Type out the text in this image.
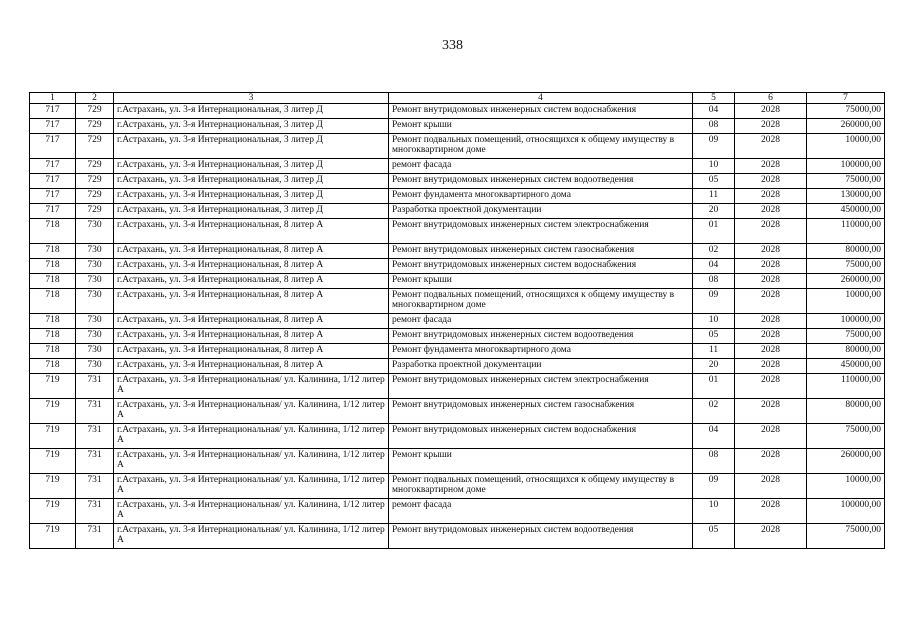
338
1	2	3	4	5	6	7
717	729	г.Астрахань, ул. 3-я Интернациональная, 3 литер Д	Ремонт внутридомовых инженерных систем водоснабжения	04	2028	75000,00
717	729	г.Астрахань, ул. 3-я Интернациональная, 3 литер Д	Ремонт крыши	08	2028	260000,00
717	729	г.Астрахань, ул. 3-я Интернациональная, 3 литер Д	Ремонт подвальных помещений, относящихся к общему имуществу в многоквартирном доме	09	2028	10000,00
717	729	г.Астрахань, ул. 3-я Интернациональная, 3 литер Д	ремонт фасада	10	2028	100000,00
717	729	г.Астрахань, ул. 3-я Интернациональная, 3 литер Д	Ремонт внутридомовых инженерных систем водоотведения	05	2028	75000,00
717	729	г.Астрахань, ул. 3-я Интернациональная, 3 литер Д	Ремонт фундамента многоквартирного дома	11	2028	130000,00
717	729	г.Астрахань, ул. 3-я Интернациональная, 3 литер Д	Разработка проектной документации	20	2028	450000,00
718	730	г.Астрахань, ул. 3-я Интернациональная, 8 литер А	Ремонт внутридомовых инженерных систем электроснабжения	01	2028	110000,00
718	730	г.Астрахань, ул. 3-я Интернациональная, 8 литер А	Ремонт внутридомовых инженерных систем газоснабжения	02	2028	80000,00
718	730	г.Астрахань, ул. 3-я Интернациональная, 8 литер А	Ремонт внутридомовых инженерных систем водоснабжения	04	2028	75000,00
718	730	г.Астрахань, ул. 3-я Интернациональная, 8 литер А	Ремонт крыши	08	2028	260000,00
718	730	г.Астрахань, ул. 3-я Интернациональная, 8 литер А	Ремонт подвальных помещений, относящихся к общему имуществу в многоквартирном доме	09	2028	10000,00
718	730	г.Астрахань, ул. 3-я Интернациональная, 8 литер А	ремонт фасада	10	2028	100000,00
718	730	г.Астрахань, ул. 3-я Интернациональная, 8 литер А	Ремонт внутридомовых инженерных систем водоотведения	05	2028	75000,00
718	730	г.Астрахань, ул. 3-я Интернациональная, 8 литер А	Ремонт фундамента многоквартирного дома	11	2028	80000,00
718	730	г.Астрахань, ул. 3-я Интернациональная, 8 литер А	Разработка проектной документации	20	2028	450000,00
719	731	г.Астрахань, ул. 3-я Интернациональная/ ул. Калинина, 1/12 литер А	Ремонт внутридомовых инженерных систем электроснабжения	01	2028	110000,00
719	731	г.Астрахань, ул. 3-я Интернациональная/ ул. Калинина, 1/12 литер А	Ремонт внутридомовых инженерных систем газоснабжения	02	2028	80000,00
719	731	г.Астрахань, ул. 3-я Интернациональная/ ул. Калинина, 1/12 литер А	Ремонт внутридомовых инженерных систем водоснабжения	04	2028	75000,00
719	731	г.Астрахань, ул. 3-я Интернациональная/ ул. Калинина, 1/12 литер А	Ремонт крыши	08	2028	260000,00
719	731	г.Астрахань, ул. 3-я Интернациональная/ ул. Калинина, 1/12 литер А	Ремонт подвальных помещений, относящихся к общему имуществу в многоквартирном доме	09	2028	10000,00
719	731	г.Астрахань, ул. 3-я Интернациональная/ ул. Калинина, 1/12 литер А	ремонт фасада	10	2028	100000,00
719	731	г.Астрахань, ул. 3-я Интернациональная/ ул. Калинина, 1/12 литер А	Ремонт внутридомовых инженерных систем водоотведения	05	2028	75000,00
